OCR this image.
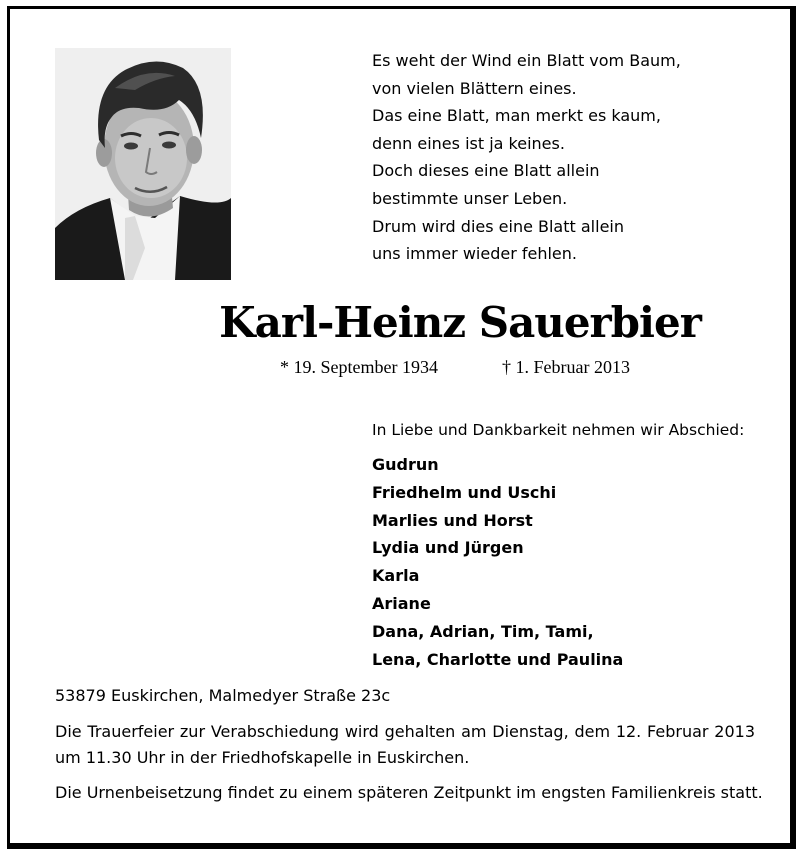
Es weht der Wind ein Blatt vom Baum,
von vielen Blättern eines.
Das eine Blatt, man merkt es kaum,
denn eines ist ja keines.
Doch dieses eine Blatt allein
bestimmte unser Leben.
Drum wird dies eine Blatt allein
uns immer wieder fehlen.
Karl-Heinz Sauerbier
* 19. September 1934	† 1. Februar 2013
In Liebe und Dankbarkeit nehmen wir Abschied:
Gudrun
Friedhelm und Uschi
Marlies und Horst
Lydia und Jürgen
Karla
Ariane
Dana, Adrian, Tim, Tami,
Lena, Charlotte und Paulina
53879 Euskirchen, Malmedyer Straße 23c
Die Trauerfeier zur Verabschiedung wird gehalten am Dienstag, dem 12. Februar 2013 um 11.30 Uhr in der Friedhofskapelle in Euskirchen.
Die Urnenbeisetzung findet zu einem späteren Zeitpunkt im engsten Familienkreis statt.
